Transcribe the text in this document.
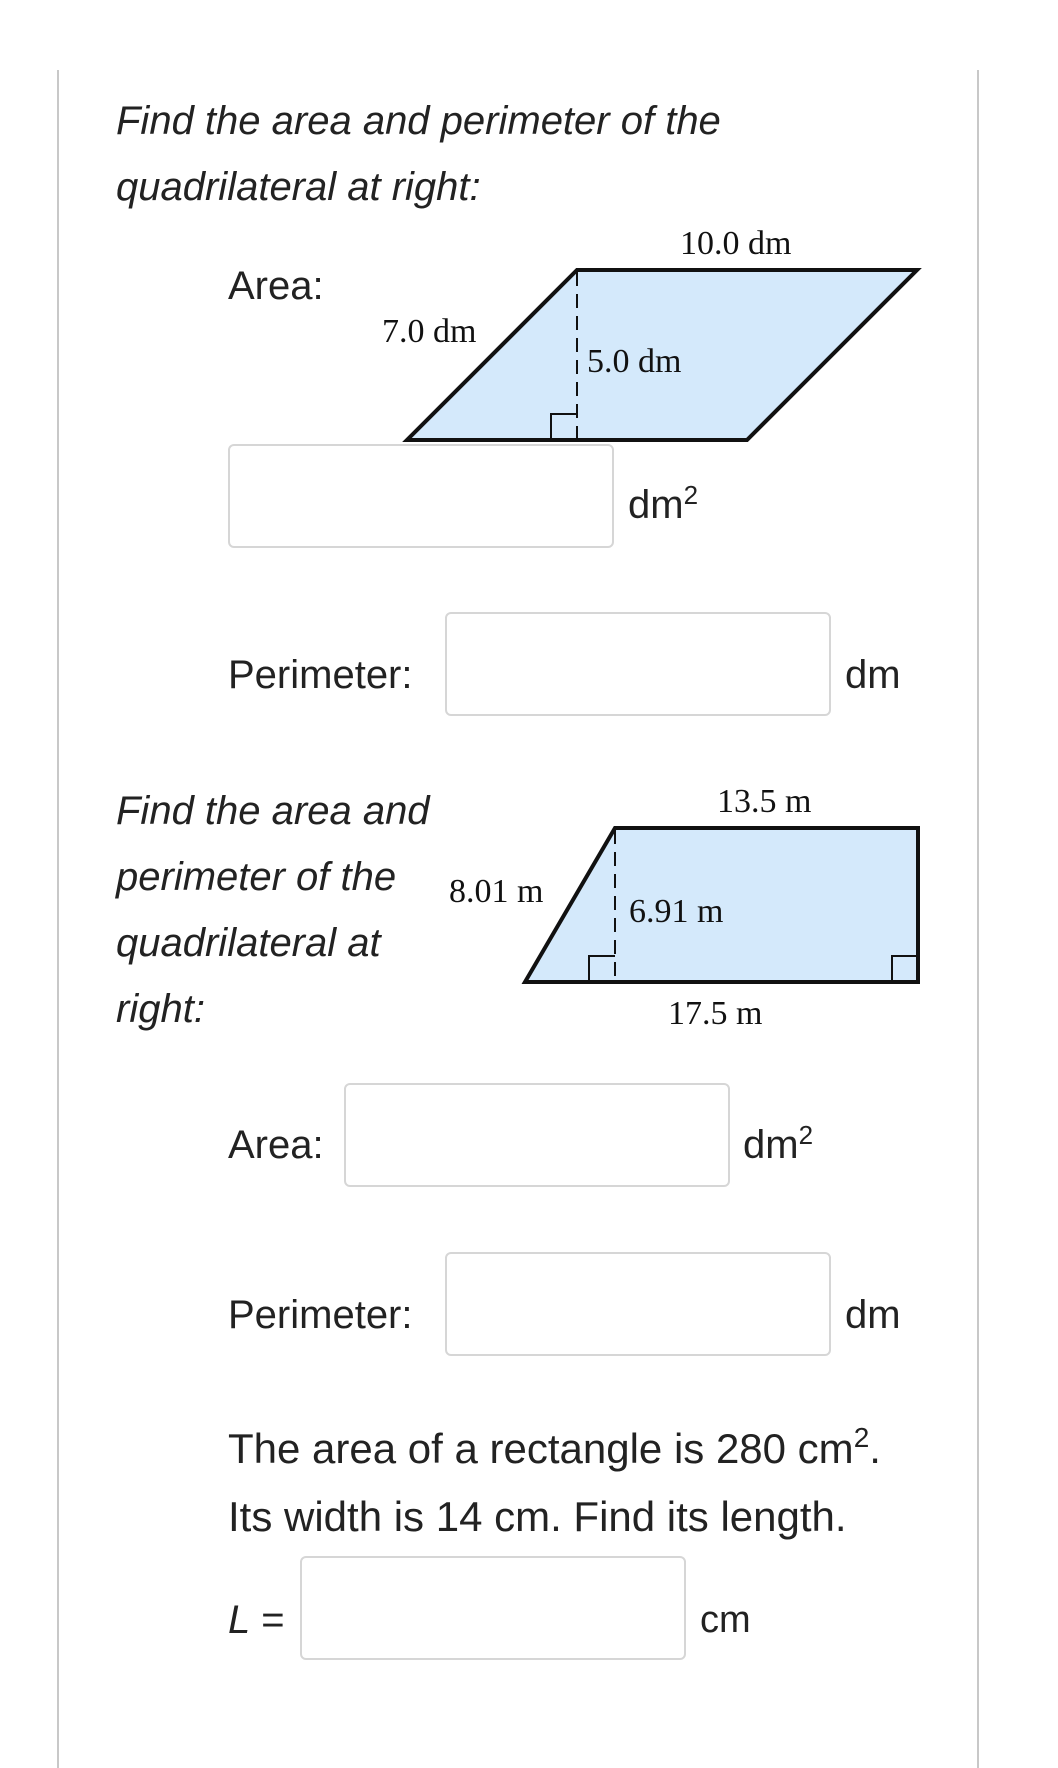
Find the area and perimeter of the
quadrilateral at right:
Area:
10.0 dm
7.0 dm
5.0 dm
$dm^2$
Perimeter:	dm
Find the area and
perimeter of the
quadrilateral at
right:
13.5 m
8.01 m
6.91 m
17.5 m
Area:	$dm^2$
Perimeter:	dm
The area of a rectangle is 280 $cm^2$.
Its width is 14 cm. Find its length.
L =	cm
